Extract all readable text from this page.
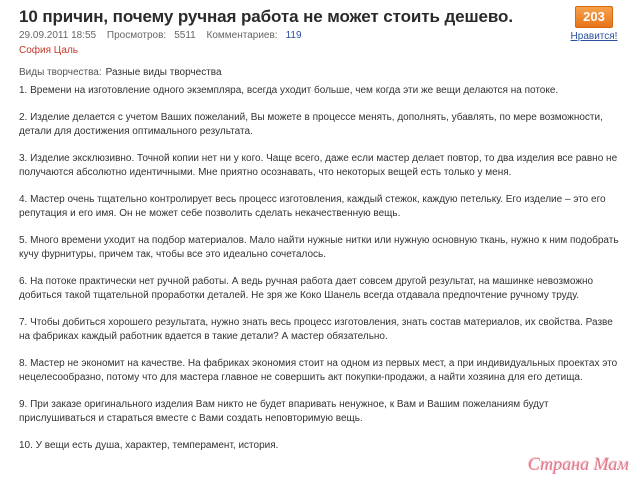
10 причин, почему ручная работа не может стоить дешево.	203
Нравится!
29.09.2011 18:55 Просмотров: 5511 Комментариев: 119
София Цаль
Виды творчества: Разные виды творчества

1. Времени на изготовление одного экземпляра, всегда уходит больше, чем когда эти же вещи делаются на потоке.

2. Изделие делается с учетом Ваших пожеланий, Вы можете в процессе менять, дополнять, убавлять, по мере возможности, детали для достижения оптимального результата.

3. Изделие эксклюзивно. Точной копии нет ни у кого. Чаще всего, даже если мастер делает повтор, то два изделия все равно не получаются абсолютно идентичными. Мне приятно осознавать, что некоторых вещей есть только у меня.

4. Мастер очень тщательно контролирует весь процесс изготовления, каждый стежок, каждую петельку. Его изделие – это его репутация и его имя. Он не может себе позволить сделать некачественную вещь.

5. Много времени уходит на подбор материалов. Мало найти нужные нитки или нужную основную ткань, нужно к ним подобрать кучу фурнитуры, причем так, чтобы все это идеально сочеталось.

6. На потоке практически нет ручной работы. А ведь ручная работа дает совсем другой результат, на машинке невозможно добиться такой тщательной проработки деталей. Не зря же Коко Шанель всегда отдавала предпочтение ручному труду.

7. Чтобы добиться хорошего результата, нужно знать весь процесс изготовления, знать состав материалов, их свойства. Разве на фабриках каждый работник вдается в такие детали? А мастер обязательно.

8. Мастер не экономит на качестве. На фабриках экономия стоит на одном из первых мест, а при индивидуальных проектах это нецелесообразно, потому что для мастера главное не совершить акт покупки-продажи, а найти хозяина для его детища.

9. При заказе оригинального изделия Вам никто не будет впаривать ненужное, к Вам и Вашим пожеланиям будут прислушиваться и стараться вместе с Вами создать неповторимую вещь.

10. У вещи есть душа, характер, темперамент, история.

Страна Мам
